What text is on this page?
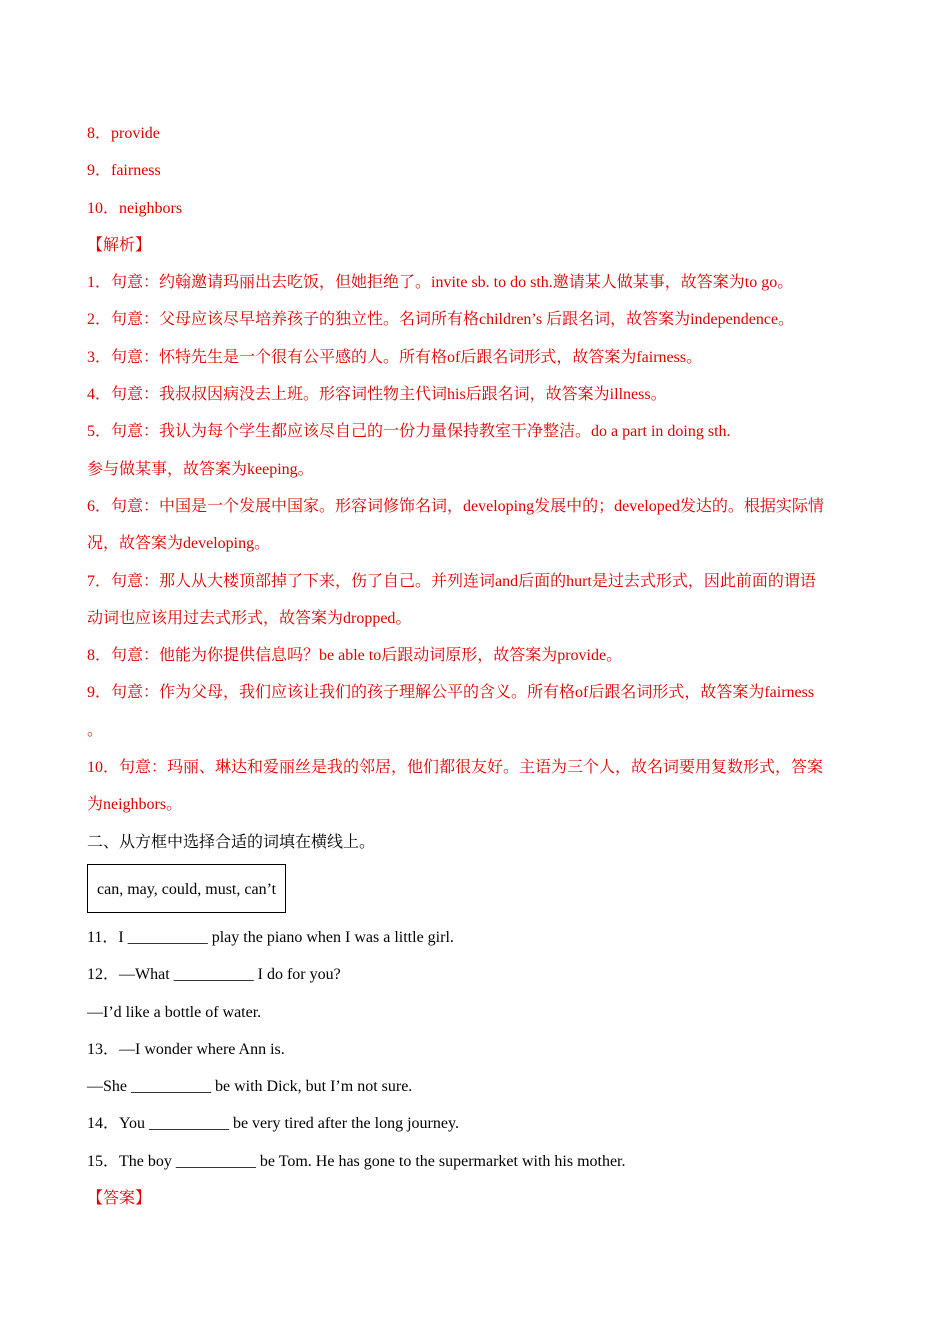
8．provide
9．fairness
10．neighbors
【解析】
1．句意：约翰邀请玛丽出去吃饭，但她拒绝了。invite sb. to do sth.邀请某人做某事，故答案为to go。
2．句意：父母应该尽早培养孩子的独立性。名词所有格children’s 后跟名词，故答案为independence。
3．句意：怀特先生是一个很有公平感的人。所有格of后跟名词形式，故答案为fairness。
4．句意：我叔叔因病没去上班。形容词性物主代词his后跟名词，故答案为illness。
5．句意：我认为每个学生都应该尽自己的一份力量保持教室干净整洁。do a part in doing sth.
参与做某事，故答案为keeping。
6．句意：中国是一个发展中国家。形容词修饰名词，developing发展中的；developed发达的。根据实际情
况，故答案为developing。
7．句意：那人从大楼顶部掉了下来，伤了自己。并列连词and后面的hurt是过去式形式，因此前面的谓语
动词也应该用过去式形式，故答案为dropped。
8．句意：他能为你提供信息吗？be able to后跟动词原形，故答案为provide。
9．句意：作为父母，我们应该让我们的孩子理解公平的含义。所有格of后跟名词形式，故答案为fairness
。
10．句意：玛丽、琳达和爱丽丝是我的邻居，他们都很友好。主语为三个人，故名词要用复数形式，答案
为neighbors。
二、从方框中选择合适的词填在横线上。
can, may, could, must, can’t
11．I __________ play the piano when I was a little girl.
12．—What __________ I do for you?
—I’d like a bottle of water.
13．—I wonder where Ann is.
—She __________ be with Dick, but I’m not sure.
14．You __________ be very tired after the long journey.
15．The boy __________ be Tom. He has gone to the supermarket with his mother.
【答案】
